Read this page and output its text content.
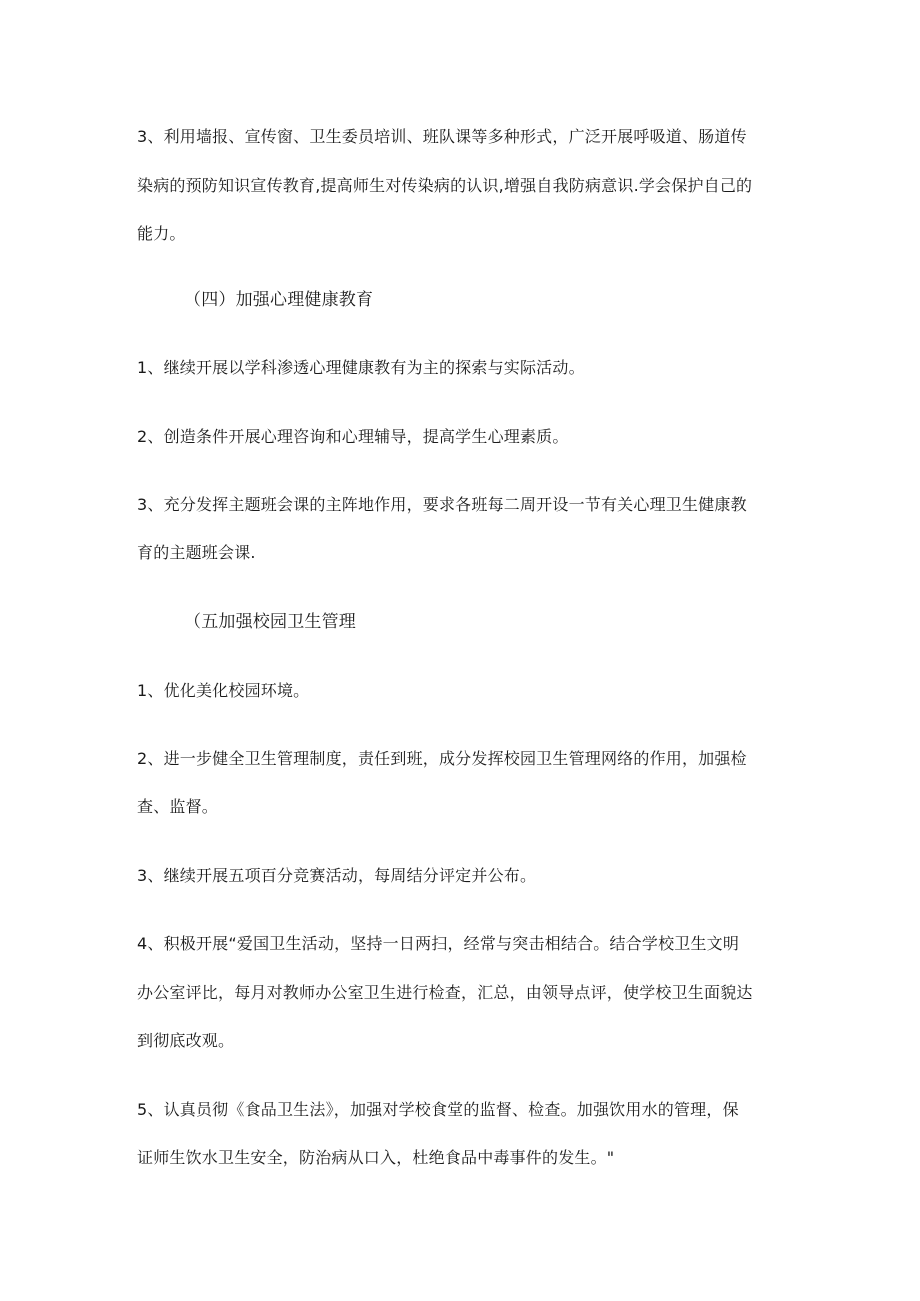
3、利用墙报、宣传窗、卫生委员培训、班队课等多种形式，广泛开展呼吸道、肠道传
染病的预防知识宣传教育,提高师生对传染病的认识,增强自我防病意识.学会保护自己的
能力。
（四）加强心理健康教育
1、继续开展以学科渗透心理健康教有为主的探索与实际活动。
2、创造条件开展心理咨询和心理辅导，提高学生心理素质。
3、充分发挥主题班会课的主阵地作用，要求各班每二周开设一节有关心理卫生健康教
育的主题班会课.
（五加强校园卫生管理
1、优化美化校园环境。
2、进一步健全卫生管理制度，责任到班，成分发挥校园卫生管理网络的作用，加强检
查、监督。
3、继续开展五项百分竞赛活动，每周结分评定并公布。
4、积极开展“爱国卫生活动，坚持一日两扫，经常与突击相结合。结合学校卫生文明
办公室评比，每月对教师办公室卫生进行检查，汇总，由领导点评，使学校卫生面貌达
到彻底改观。
5、认真员彻《食品卫生法》，加强对学校食堂的监督、检查。加强饮用水的管理，保
证师生饮水卫生安全，防治病从口入，杜绝食品中毒事件的发生。"
